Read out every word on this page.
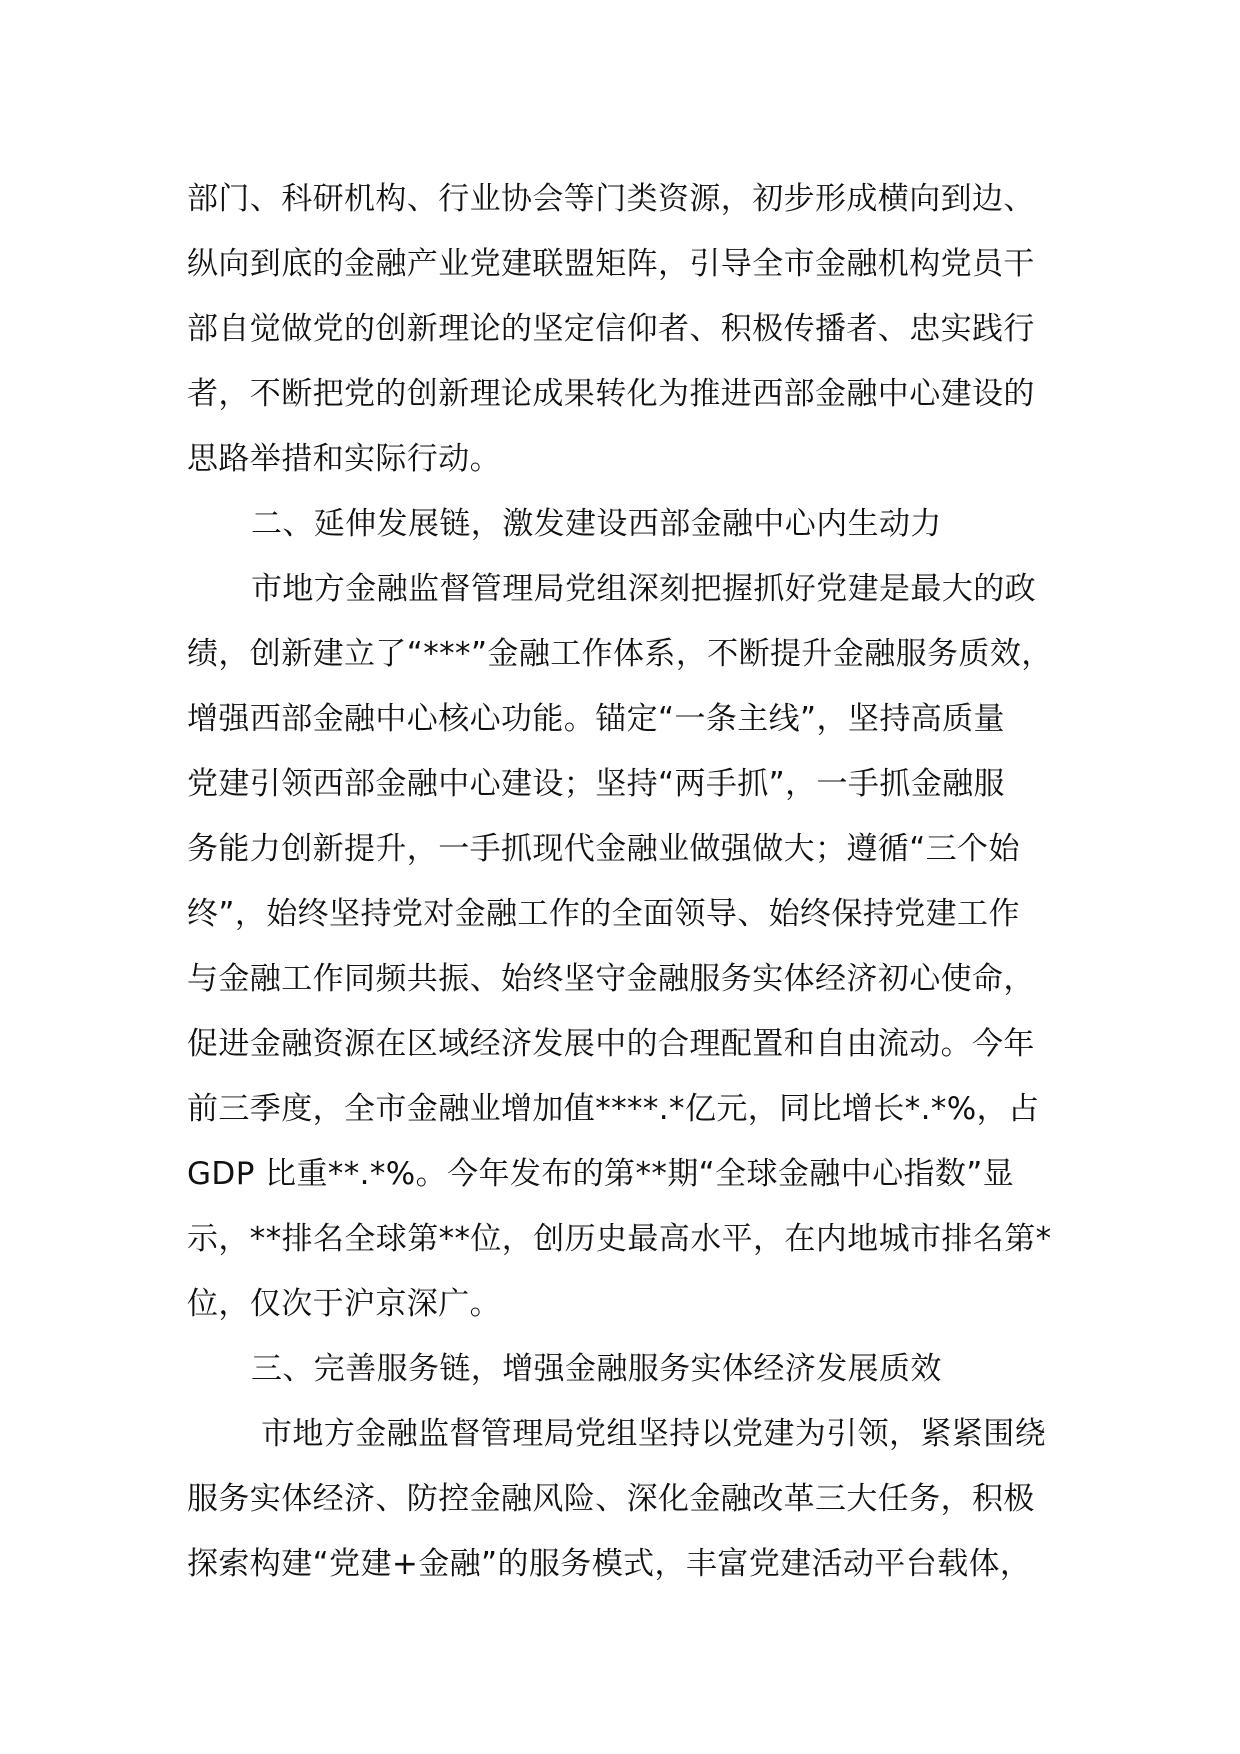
部门、科研机构、行业协会等门类资源，初步形成横向到边、
纵向到底的金融产业党建联盟矩阵，引导全市金融机构党员干
部自觉做党的创新理论的坚定信仰者、积极传播者、忠实践行
者，不断把党的创新理论成果转化为推进西部金融中心建设的
思路举措和实际行动。
二、延伸发展链，激发建设西部金融中心内生动力
市地方金融监督管理局党组深刻把握抓好党建是最大的政
绩，创新建立了“***”金融工作体系，不断提升金融服务质效，
增强西部金融中心核心功能。锚定“一条主线”，坚持高质量
党建引领西部金融中心建设；坚持“两手抓”，一手抓金融服
务能力创新提升，一手抓现代金融业做强做大；遵循“三个始
终”，始终坚持党对金融工作的全面领导、始终保持党建工作
与金融工作同频共振、始终坚守金融服务实体经济初心使命，
促进金融资源在区域经济发展中的合理配置和自由流动。今年
前三季度，全市金融业增加值****.*亿元，同比增长*.*%，占
GDP 比重**.*%。今年发布的第**期“全球金融中心指数”显
示，**排名全球第**位，创历史最高水平，在内地城市排名第*
位，仅次于沪京深广。
三、完善服务链，增强金融服务实体经济发展质效
市地方金融监督管理局党组坚持以党建为引领，紧紧围绕
服务实体经济、防控金融风险、深化金融改革三大任务，积极
探索构建“党建+金融”的服务模式，丰富党建活动平台载体，
